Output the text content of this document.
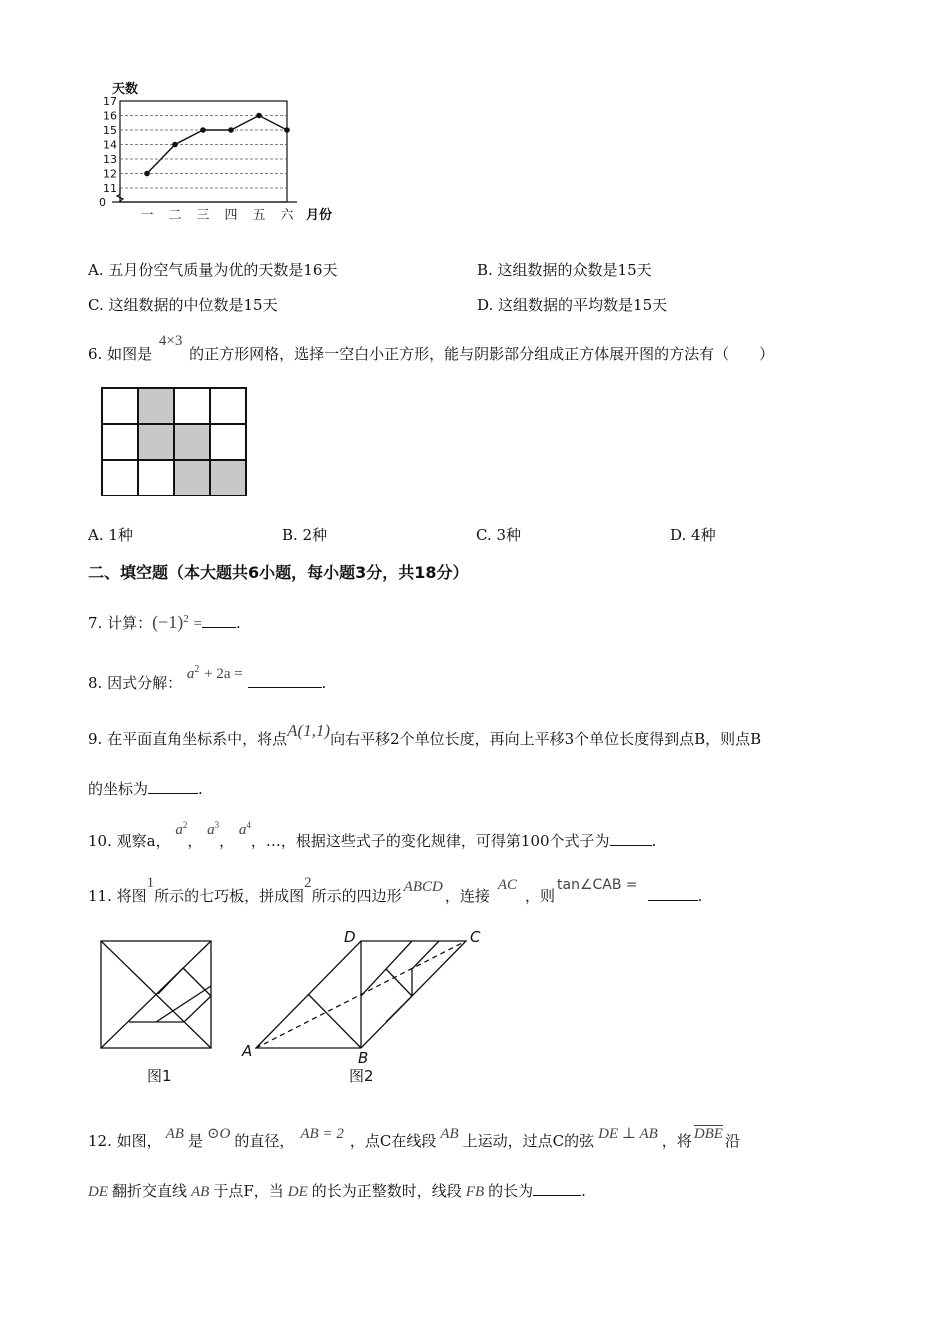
天数
月份
0
11
12
13
14
15
16
17
一 二 三 四 五 六
A. 五月份空气质量为优的天数是16天	B. 这组数据的众数是15天
C. 这组数据的中位数是15天	D. 这组数据的平均数是15天
6. 如图是 4×3 的正方形网格，选择一空白小正方形，能与阴影部分组成正方体展开图的方法有（　　）
A. 1种	B. 2种	C. 3种	D. 4种
二、填空题（本大题共6小题，每小题3分，共18分）
7. 计算：$(-1)^2$ = .
8. 因式分解： $a^2 + 2a$ =	.
9. 在平面直角坐标系中，将点A(1,1)向右平移2个单位长度，再向上平移3个单位长度得到点B，则点B
的坐标为	.
10. 观察a， $a^2$， $a^3$， $a^4$，…，根据这些式子的变化规律，可得第100个式子为	.
11. 将图1所示的七巧板，拼成图2所示的四边形 ABCD ，连接AC，则tan∠CAB =.
图1
A	B
C
D
图2
12. 如图， AB 是 ⊙O 的直径， AB = 2 ，点C在线段 AB 上运动，过点C的弦 DE ⊥ AB ，将 $\overline{DBE}$ 沿
DE 翻折交直线 AB 于点F，当 DE 的长为正整数时，线段 FB 的长为	.
